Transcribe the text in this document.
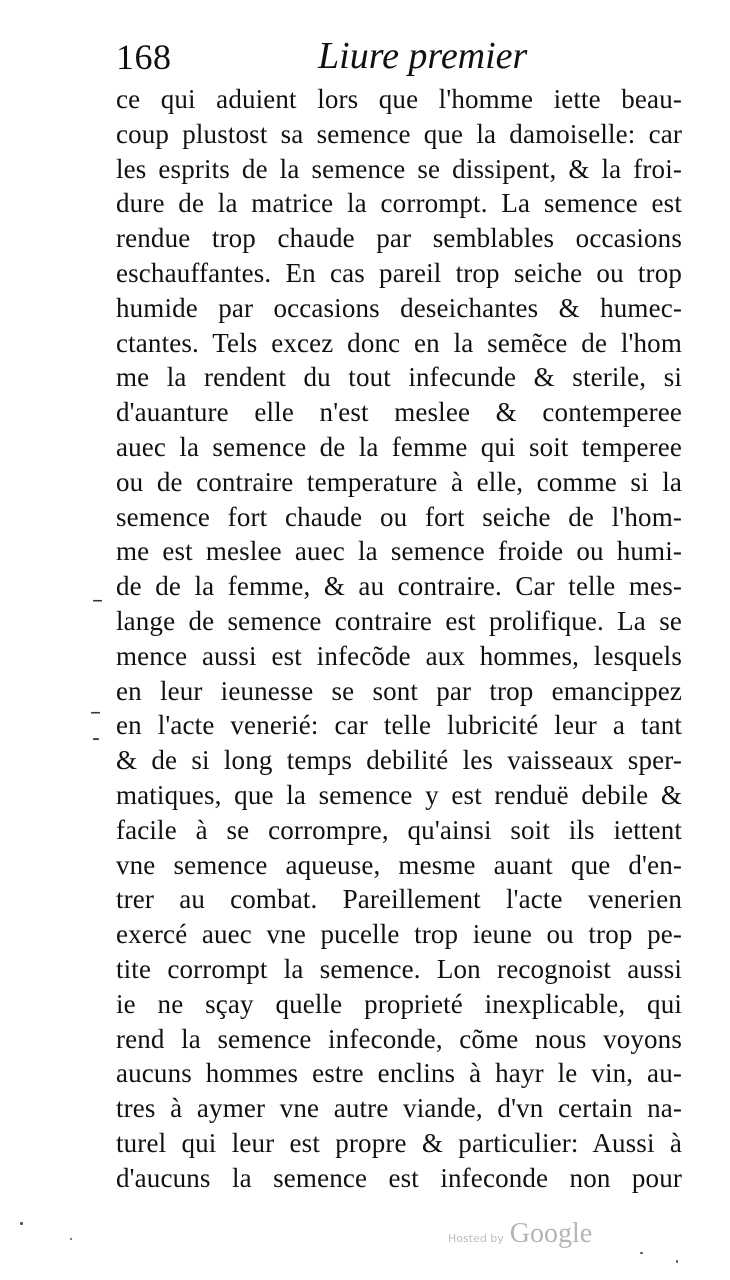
168	Liure premier
ce qui aduient lors que l'homme iette beau-
coup plustost sa semence que la damoiselle: car
les esprits de la semence se dissipent, & la froi-
dure de la matrice la corrompt. La semence est
rendue trop chaude par semblables occasions
eschauffantes. En cas pareil trop seiche ou trop
humide par occasions deseichantes & humec-
ctantes. Tels excez donc en la semẽce de l'hom
me la rendent du tout infecunde & sterile, si
d'auanture elle n'est meslee & contemperee
auec la semence de la femme qui soit temperee
ou de contraire temperature à elle, comme si la
semence fort chaude ou fort seiche de l'hom-
me est meslee auec la semence froide ou humi-
de de la femme, & au contraire. Car telle mes-
lange de semence contraire est prolifique. La se
mence aussi est infecõde aux hommes, lesquels
en leur ieunesse se sont par trop emancippez
en l'acte venerié: car telle lubricité leur a tant
& de si long temps debilité les vaisseaux sper-
matiques, que la semence y est renduë debile &
facile à se corrompre, qu'ainsi soit ils iettent
vne semence aqueuse, mesme auant que d'en-
trer au combat. Pareillement l'acte venerien
exercé auec vne pucelle trop ieune ou trop pe-
tite corrompt la semence. Lon recognoist aussi
ie ne sçay quelle proprieté inexplicable, qui
rend la semence infeconde, cõme nous voyons
aucuns hommes estre enclins à hayr le vin, au-
tres à aymer vne autre viande, d'vn certain na-
turel qui leur est propre & particulier: Aussi à
d'aucuns la semence est infeconde non pour
–
–
-
Hosted by Google
